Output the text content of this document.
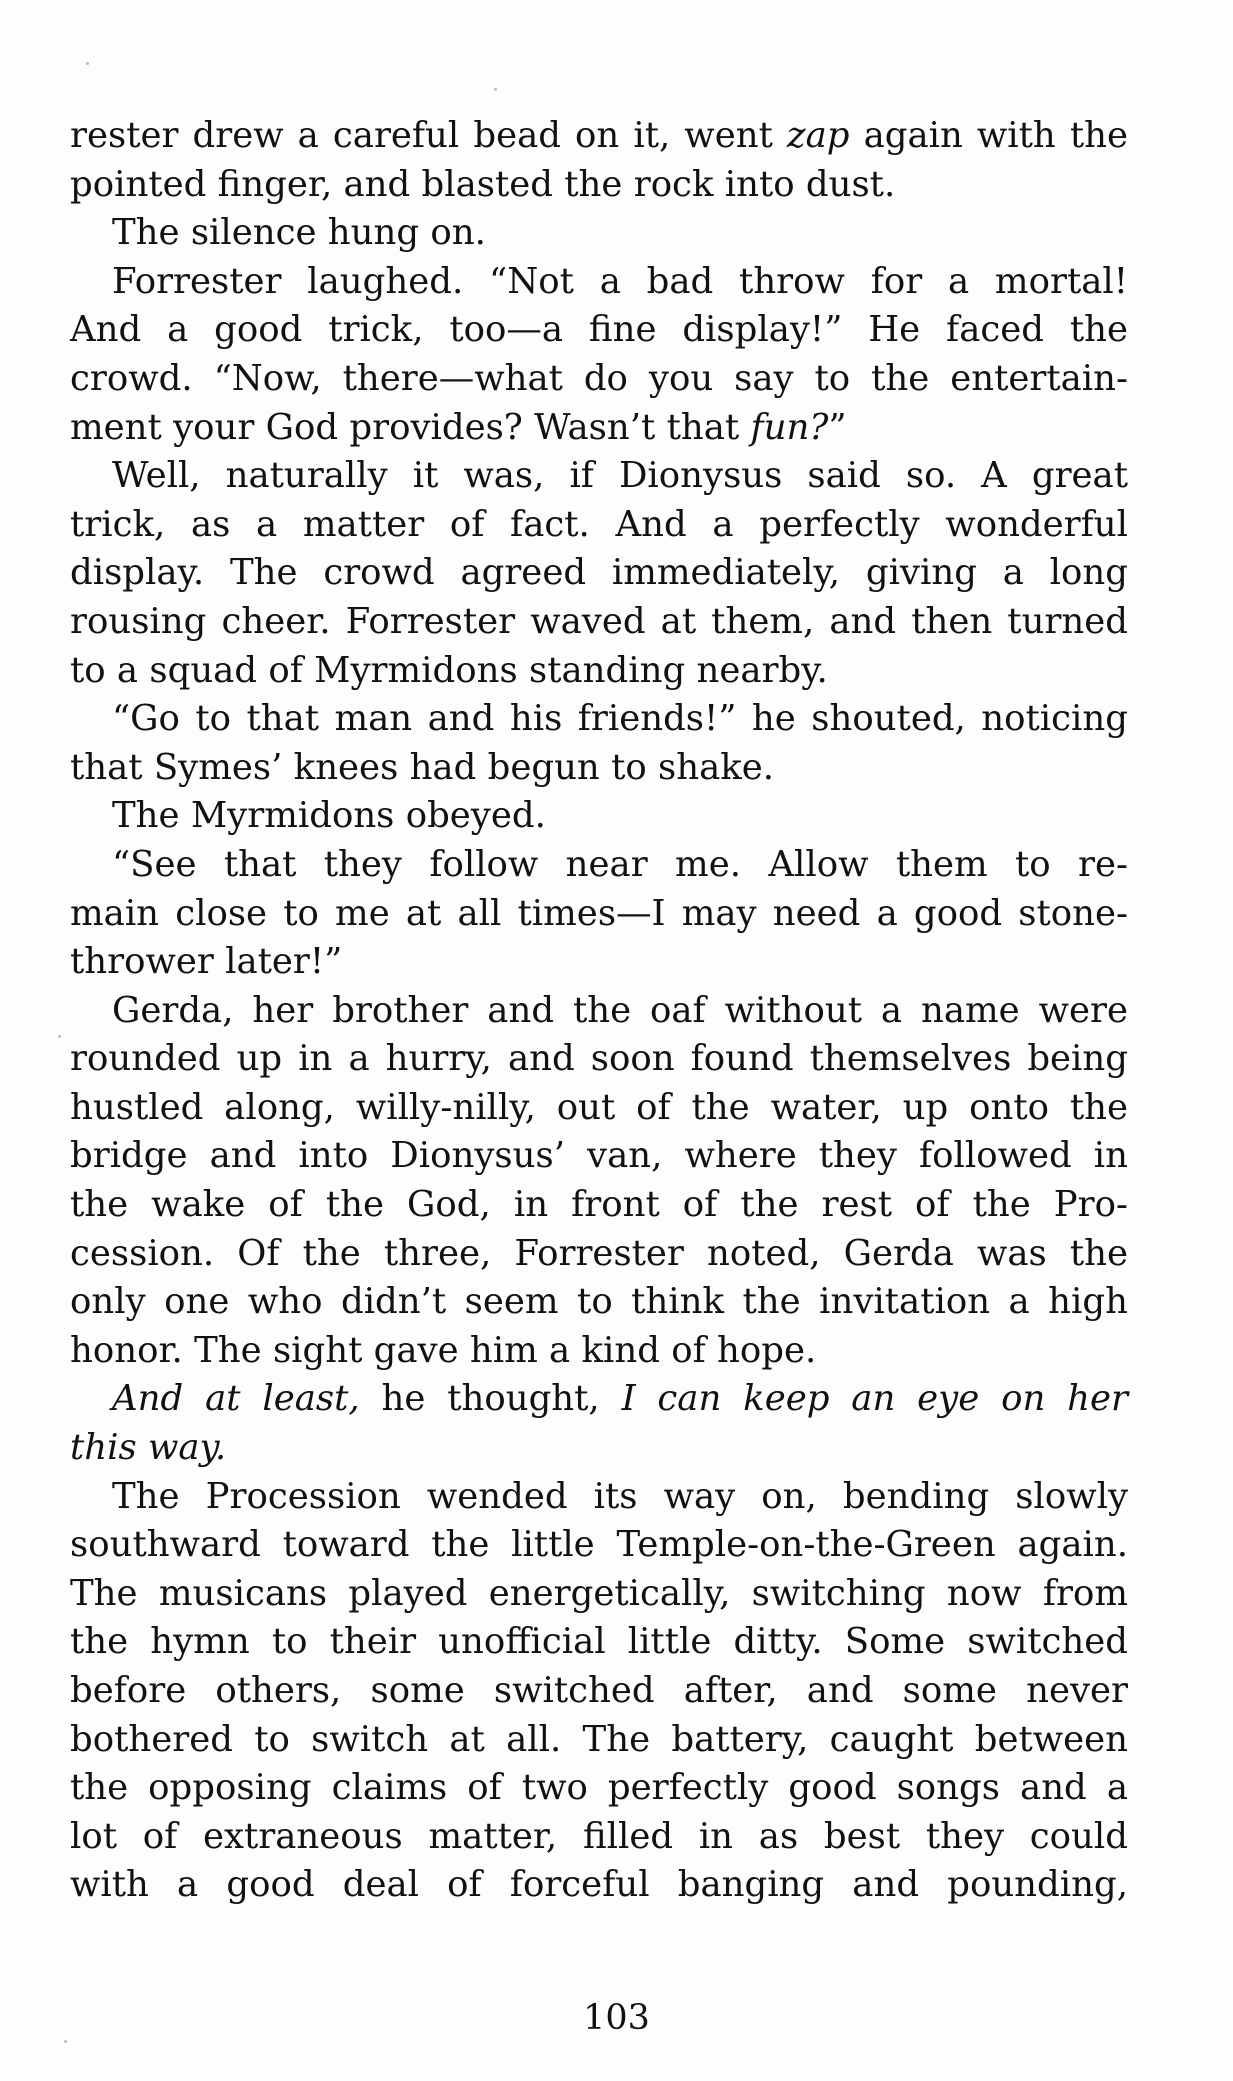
rester drew a careful bead on it, went zap again with the
pointed finger, and blasted the rock into dust.
The silence hung on.
Forrester laughed. “Not a bad throw for a mortal!
And a good trick, too—a fine display!” He faced the
crowd. “Now, there—what do you say to the entertain-
ment your God provides? Wasn’t that fun?”
Well, naturally it was, if Dionysus said so. A great
trick, as a matter of fact. And a perfectly wonderful
display. The crowd agreed immediately, giving a long
rousing cheer. Forrester waved at them, and then turned
to a squad of Myrmidons standing nearby.
“Go to that man and his friends!” he shouted, noticing
that Symes’ knees had begun to shake.
The Myrmidons obeyed.
“See that they follow near me. Allow them to re-
main close to me at all times—I may need a good stone-
thrower later!”
Gerda, her brother and the oaf without a name were
rounded up in a hurry, and soon found themselves being
hustled along, willy-nilly, out of the water, up onto the
bridge and into Dionysus’ van, where they followed in
the wake of the God, in front of the rest of the Pro-
cession. Of the three, Forrester noted, Gerda was the
only one who didn’t seem to think the invitation a high
honor. The sight gave him a kind of hope.
And at least, he thought, I can keep an eye on her
this way.
The Procession wended its way on, bending slowly
southward toward the little Temple-on-the-Green again.
The musicans played energetically, switching now from
the hymn to their unofficial little ditty. Some switched
before others, some switched after, and some never
bothered to switch at all. The battery, caught between
the opposing claims of two perfectly good songs and a
lot of extraneous matter, filled in as best they could
with a good deal of forceful banging and pounding,
103
